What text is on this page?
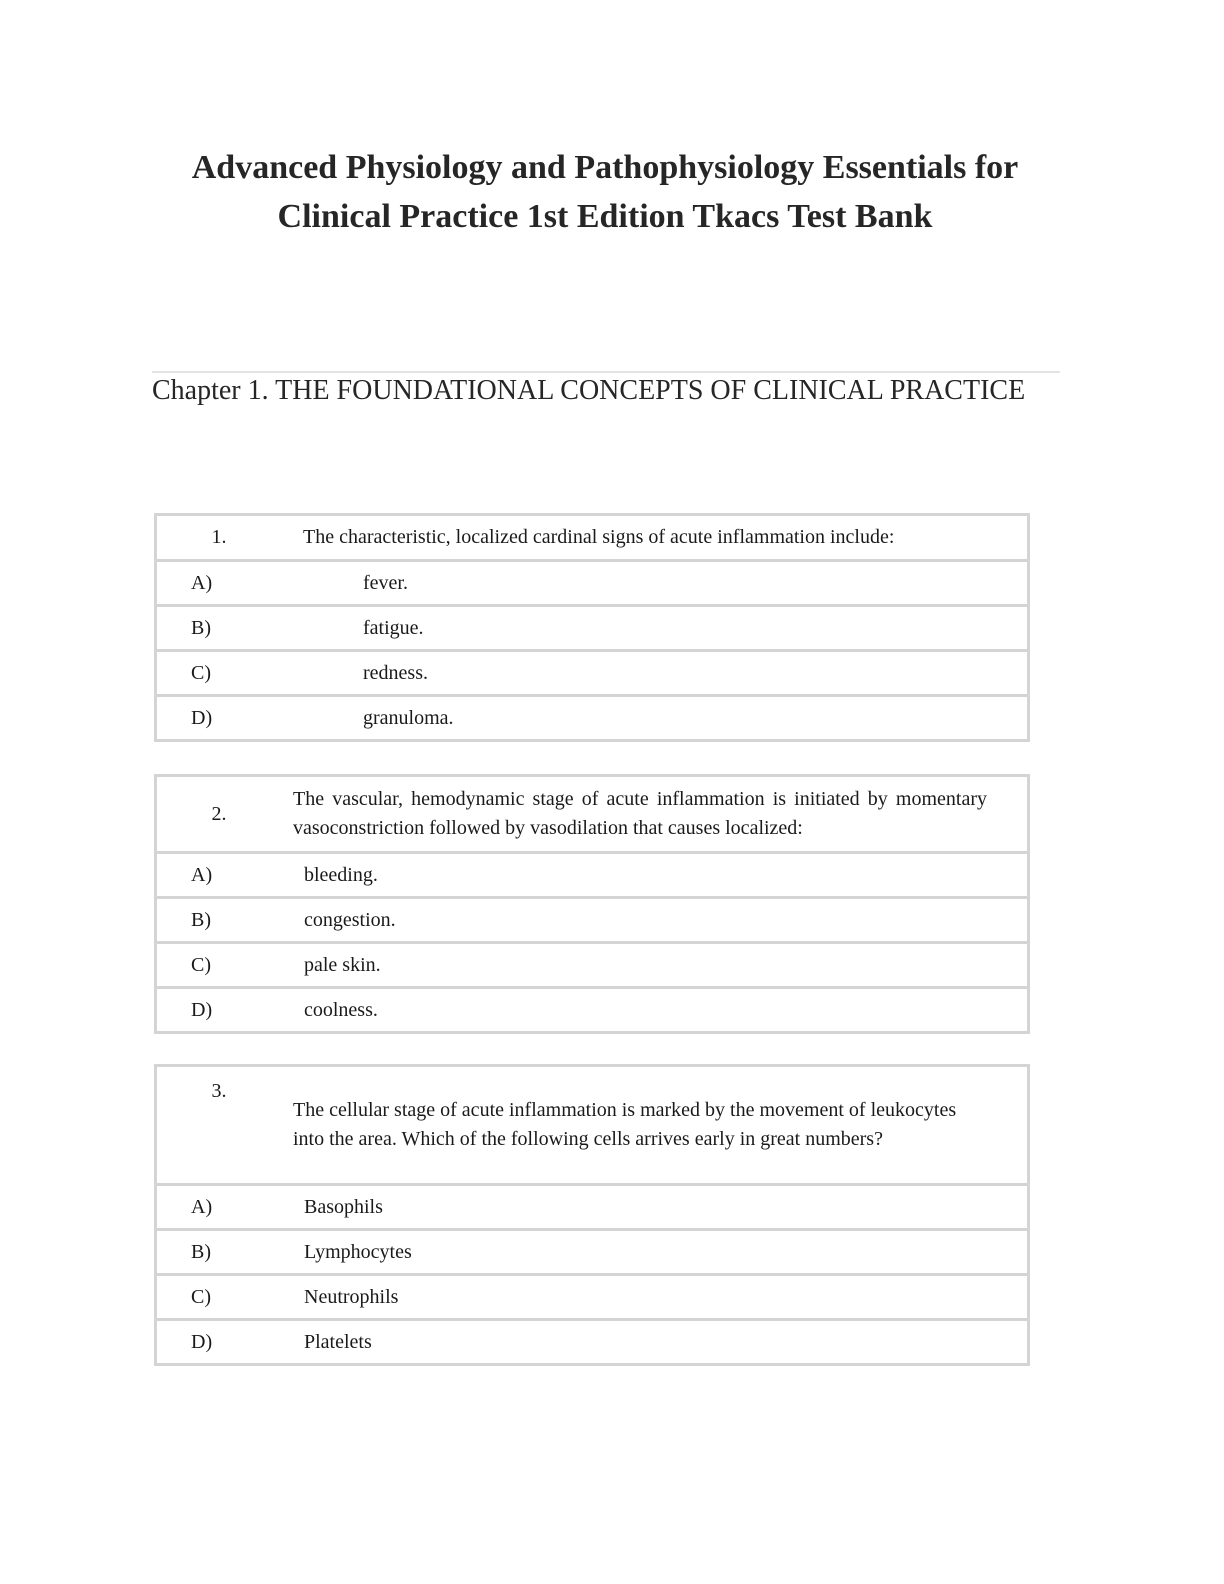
Advanced Physiology and Pathophysiology Essentials for Clinical Practice 1st Edition Tkacs Test Bank
Chapter 1. THE FOUNDATIONAL CONCEPTS OF CLINICAL PRACTICE
1.	The characteristic, localized cardinal signs of acute inflammation include:
A)	fever.
B)	fatigue.
C)	redness.
D)	granuloma.
2.	The vascular, hemodynamic stage of acute inflammation is initiated by momentary vasoconstriction followed by vasodilation that causes localized:
A)	bleeding.
B)	congestion.
C)	pale skin.
D)	coolness.
3.	The cellular stage of acute inflammation is marked by the movement of leukocytes into the area. Which of the following cells arrives early in great numbers?
A)	Basophils
B)	Lymphocytes
C)	Neutrophils
D)	Platelets
